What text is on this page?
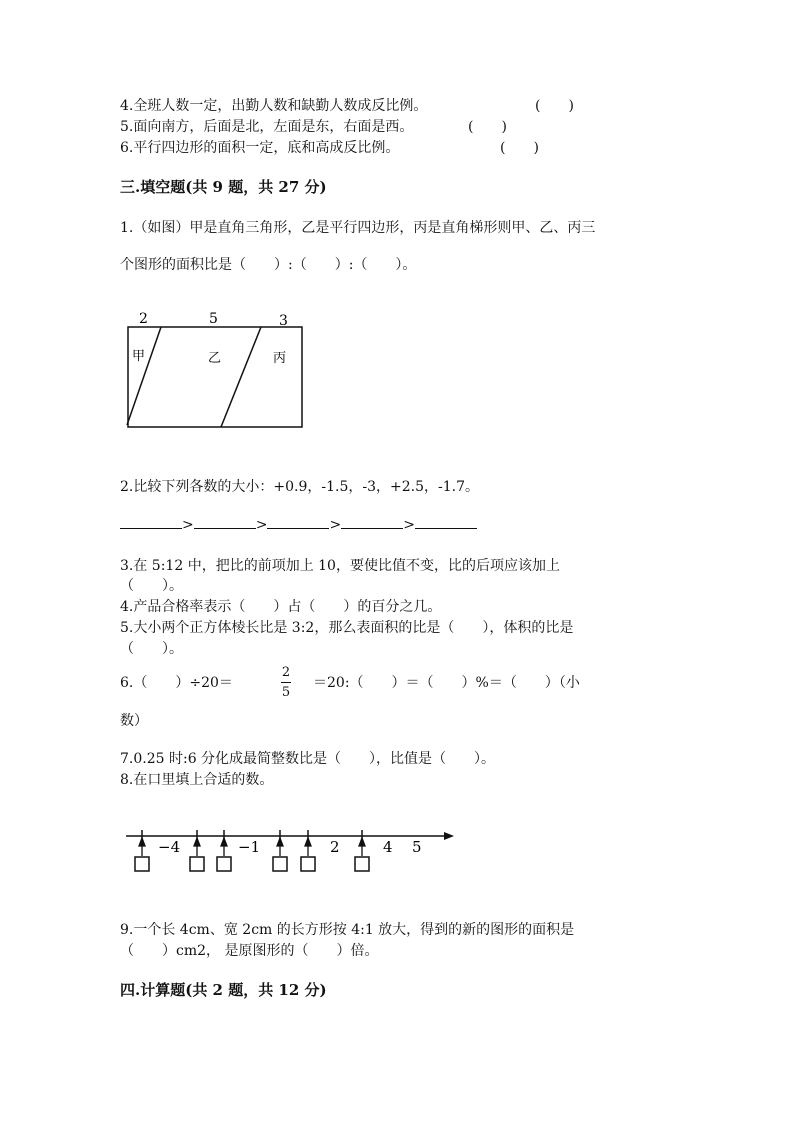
4.全班人数一定，出勤人数和缺勤人数成反比例。	(　　)
5.面向南方，后面是北，左面是东，右面是西。	(　　)
6.平行四边形的面积一定，底和高成反比例。	(　　)
三.填空题(共 9 题，共 27 分)
1.（如图）甲是直角三角形，乙是平行四边形，丙是直角梯形则甲、乙、丙三
个图形的面积比是（　　）:（　　）:（　　）。
2	5	3
甲	乙	丙
2.比较下列各数的大小：+0.9，-1.5，-3，+2.5，-1.7。
>	>	>	>
3.在 5:12 中，把比的前项加上 10，要使比值不变，比的后项应该加上
（　　）。
4.产品合格率表示（　　）占（　　）的百分之几。
5.大小两个正方体棱长比是 3:2，那么表面积的比是（　　），体积的比是
（　　）。
6.（　　）÷20＝
2
5
＝20:（　　）＝（　　）%＝（　　）（小
数）
7.0.25 时:6 分化成最简整数比是（　　），比值是（　　）。
8.在口里填上合适的数。
−4	−1	2	4 5
9.一个长 4cm、宽 2cm 的长方形按 4:1 放大，得到的新的图形的面积是
（　　）cm2， 是原图形的（　　）倍。
四.计算题(共 2 题，共 12 分)
